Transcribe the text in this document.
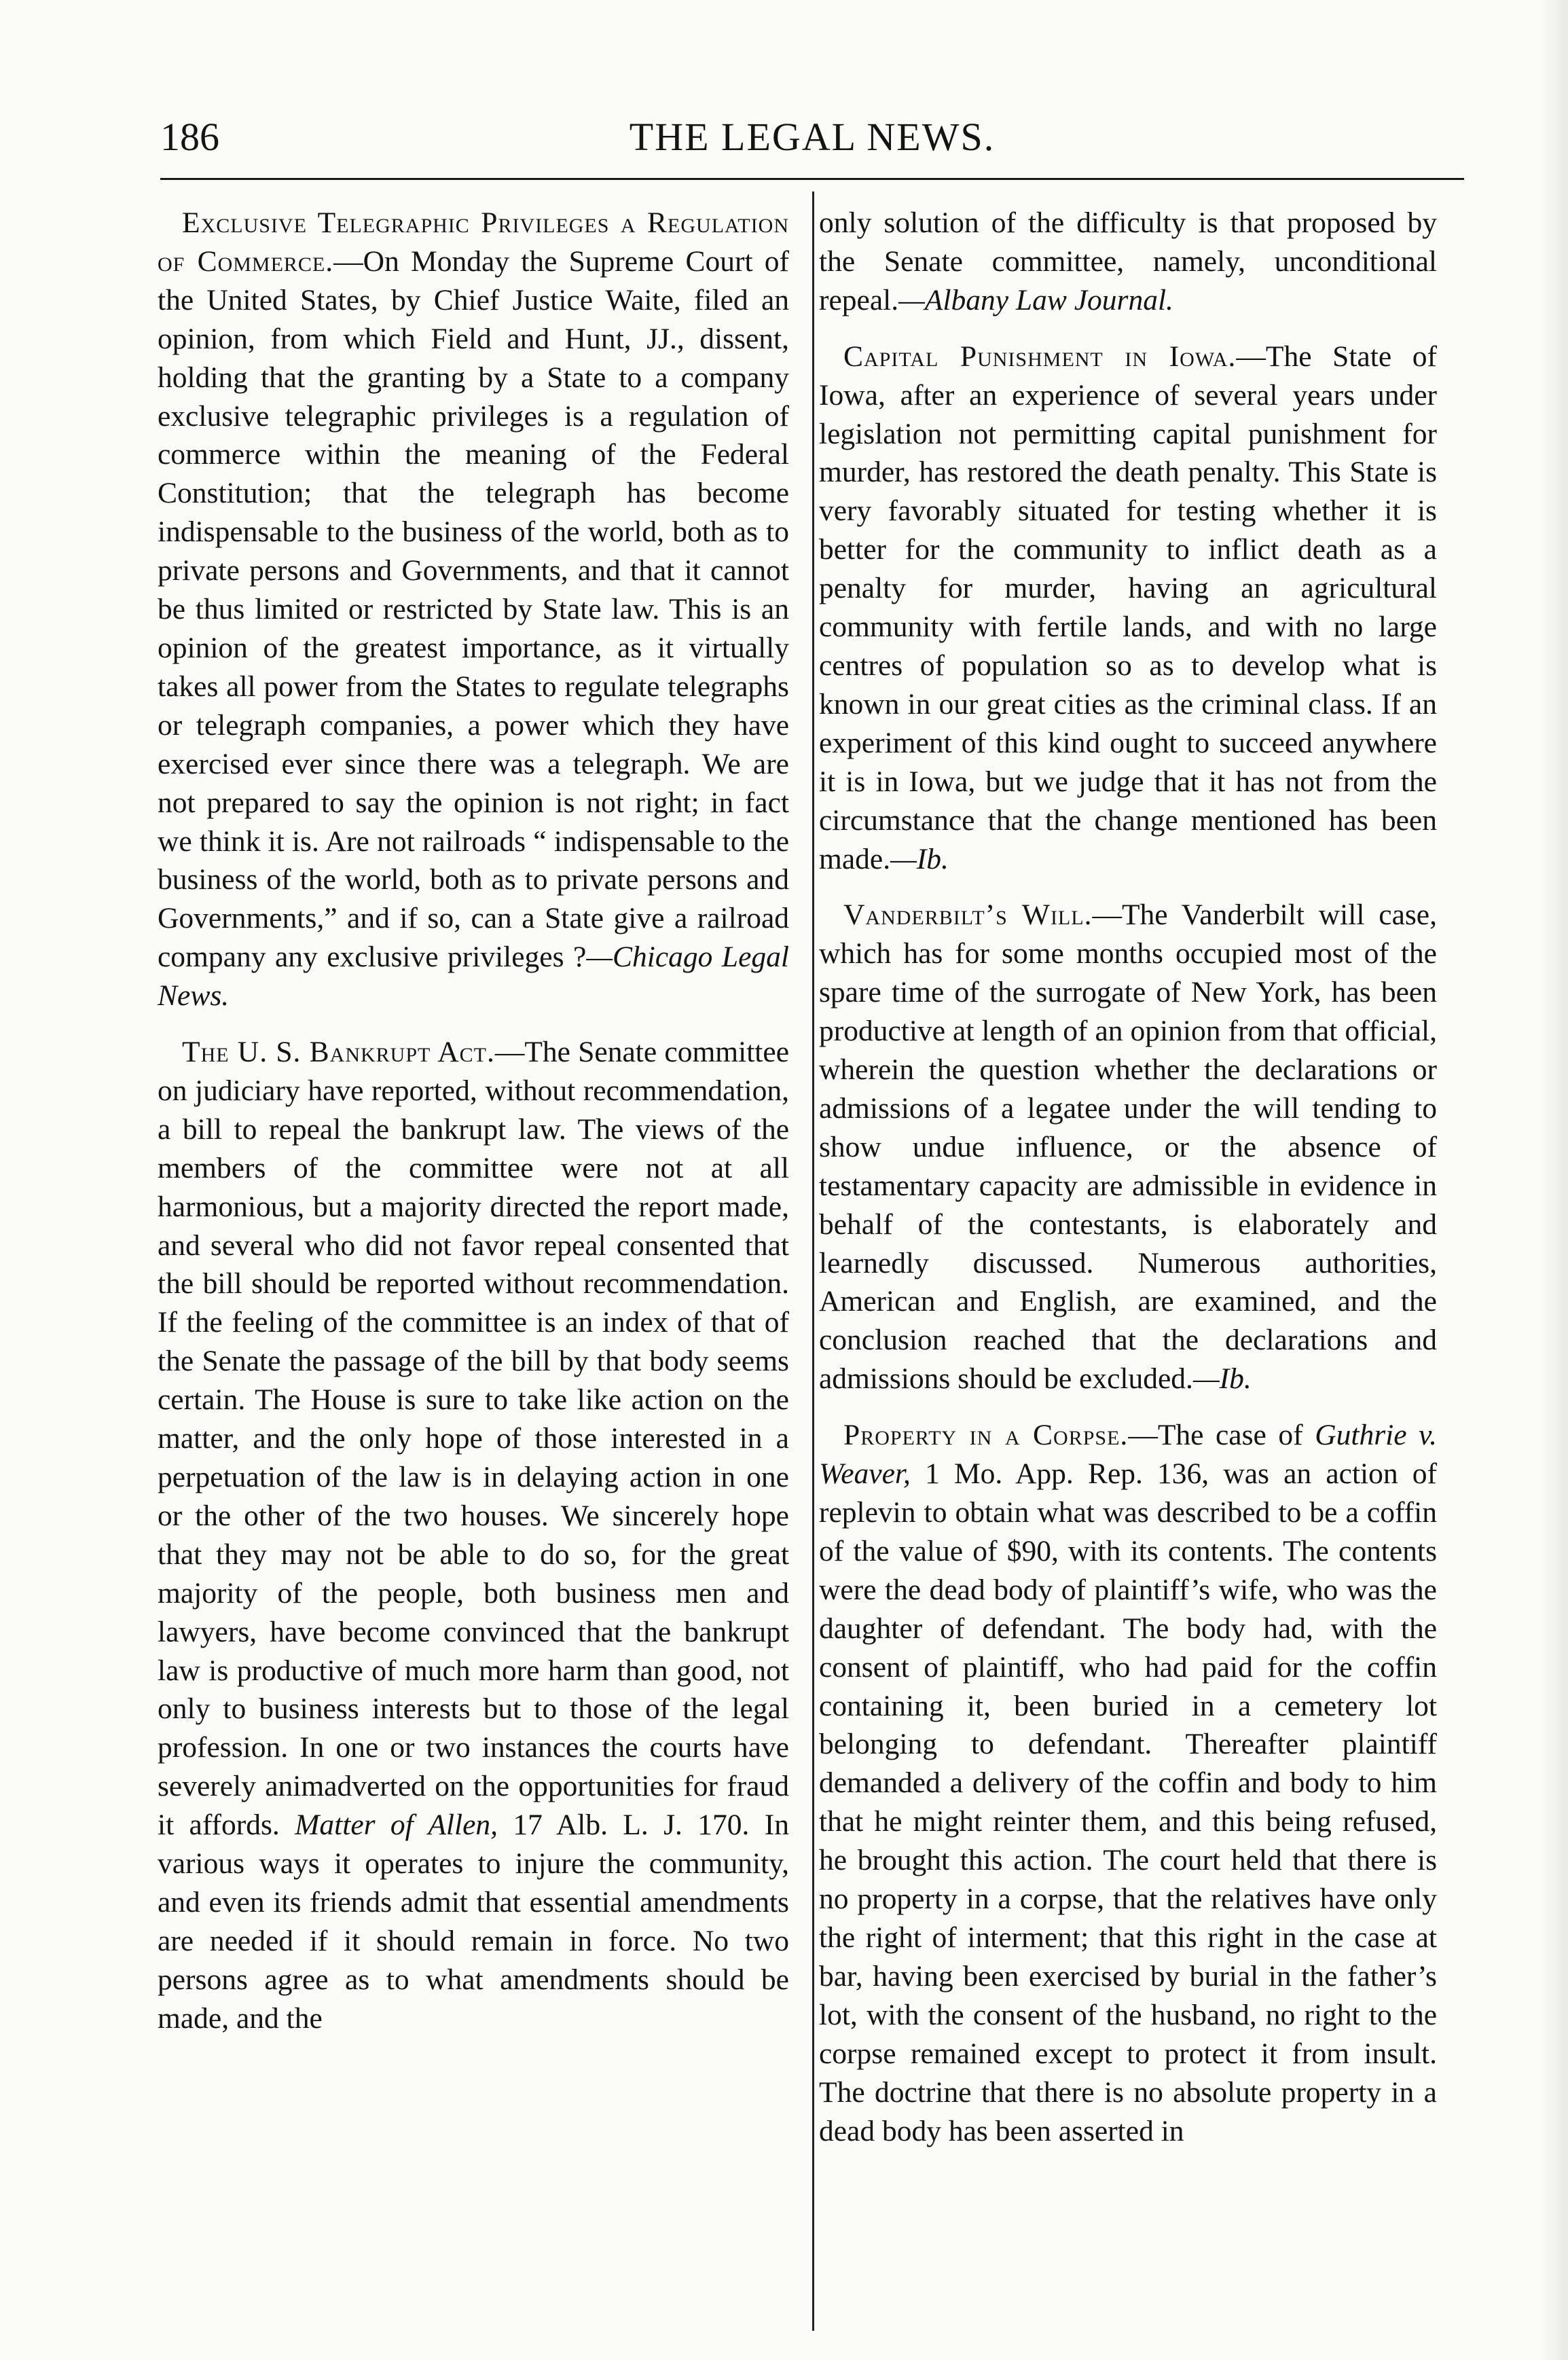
186	THE LEGAL NEWS.
Exclusive Telegraphic Privileges a Regulation of Commerce.—On Monday the Supreme Court of the United States, by Chief Justice Waite, filed an opinion, from which Field and Hunt, JJ., dissent, holding that the granting by a State to a company exclusive telegraphic privileges is a regulation of commerce within the meaning of the Federal Constitution; that the telegraph has become indispensable to the business of the world, both as to private persons and Governments, and that it cannot be thus limited or restricted by State law. This is an opinion of the greatest importance, as it virtually takes all power from the States to regulate telegraphs or telegraph companies, a power which they have exercised ever since there was a telegraph. We are not prepared to say the opinion is not right; in fact we think it is. Are not railroads “ indispensable to the business of the world, both as to private persons and Governments,” and if so, can a State give a railroad company any exclusive privileges ?—Chicago Legal News.
The U. S. Bankrupt Act.—The Senate committee on judiciary have reported, without recommendation, a bill to repeal the bankrupt law. The views of the members of the committee were not at all harmonious, but a majority directed the report made, and several who did not favor repeal consented that the bill should be reported without recommendation. If the feeling of the committee is an index of that of the Senate the passage of the bill by that body seems certain. The House is sure to take like action on the matter, and the only hope of those interested in a perpetuation of the law is in delaying action in one or the other of the two houses. We sincerely hope that they may not be able to do so, for the great majority of the people, both business men and lawyers, have become convinced that the bankrupt law is productive of much more harm than good, not only to business interests but to those of the legal profession. In one or two instances the courts have severely animadverted on the opportunities for fraud it affords. Matter of Allen, 17 Alb. L. J. 170. In various ways it operates to injure the community, and even its friends admit that essential amendments are needed if it should remain in force. No two persons agree as to what amendments should be made, and the
only solution of the difficulty is that proposed by the Senate committee, namely, unconditional repeal.—Albany Law Journal.
Capital Punishment in Iowa.—The State of Iowa, after an experience of several years under legislation not permitting capital punishment for murder, has restored the death penalty. This State is very favorably situated for testing whether it is better for the community to inflict death as a penalty for murder, having an agricultural community with fertile lands, and with no large centres of population so as to develop what is known in our great cities as the criminal class. If an experiment of this kind ought to succeed anywhere it is in Iowa, but we judge that it has not from the circumstance that the change mentioned has been made.—Ib.
Vanderbilt’s Will.—The Vanderbilt will case, which has for some months occupied most of the spare time of the surrogate of New York, has been productive at length of an opinion from that official, wherein the question whether the declarations or admissions of a legatee under the will tending to show undue influence, or the absence of testamentary capacity are admissible in evidence in behalf of the contestants, is elaborately and learnedly discussed. Numerous authorities, American and English, are examined, and the conclusion reached that the declarations and admissions should be excluded.—Ib.
Property in a Corpse.—The case of Guthrie v. Weaver, 1 Mo. App. Rep. 136, was an action of replevin to obtain what was described to be a coffin of the value of $90, with its contents. The contents were the dead body of plaintiff’s wife, who was the daughter of defendant. The body had, with the consent of plaintiff, who had paid for the coffin containing it, been buried in a cemetery lot belonging to defendant. Thereafter plaintiff demanded a delivery of the coffin and body to him that he might reinter them, and this being refused, he brought this action. The court held that there is no property in a corpse, that the relatives have only the right of interment; that this right in the case at bar, having been exercised by burial in the father’s lot, with the consent of the husband, no right to the corpse remained except to protect it from insult. The doctrine that there is no absolute property in a dead body has been asserted in
